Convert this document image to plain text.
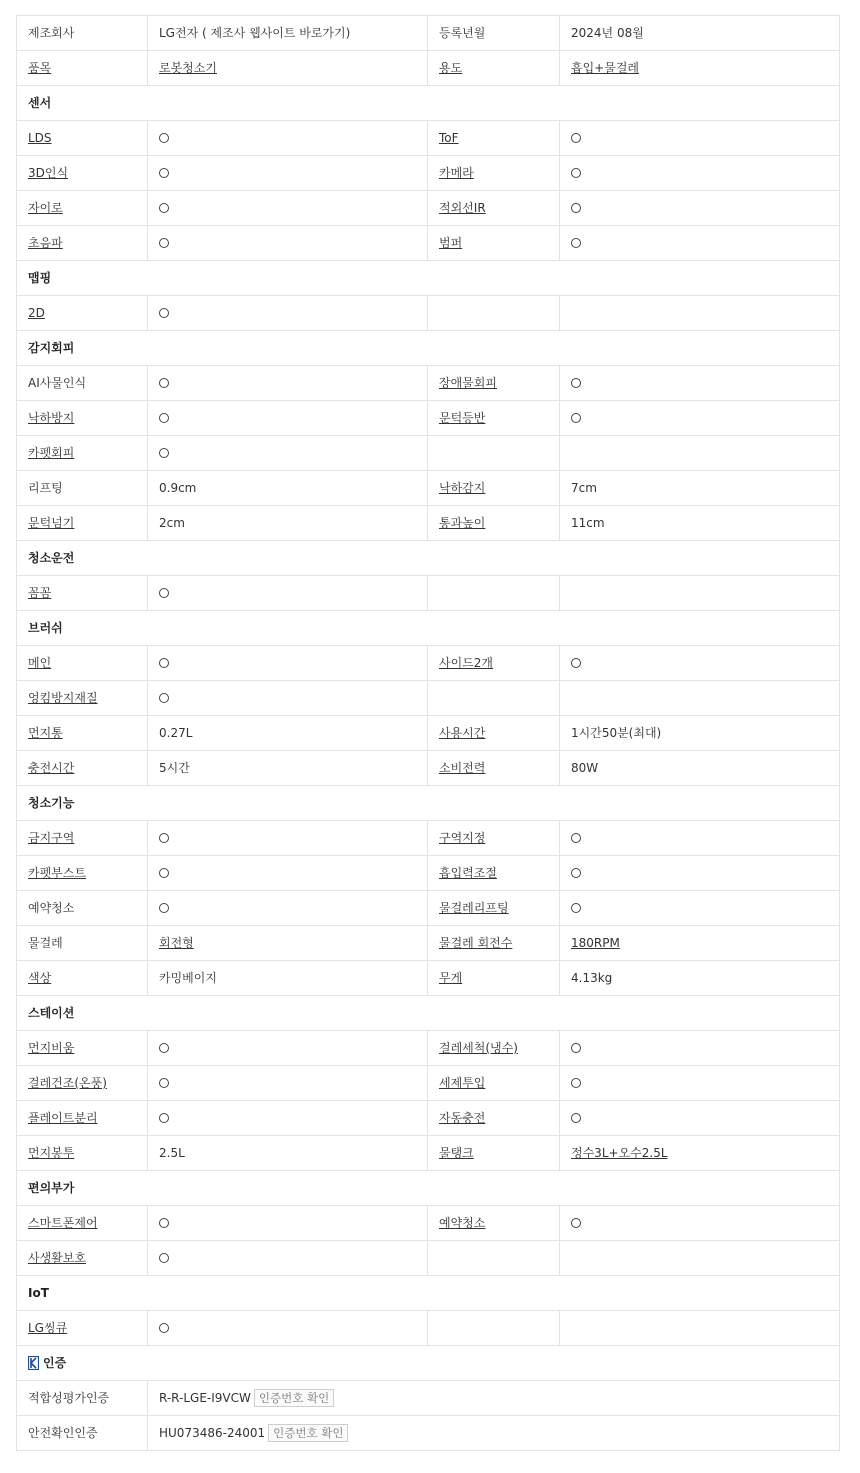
제조회사	LG전자 ( 제조사 웹사이트 바로가기)	등록년월	2024년 08월
품목	로봇청소기	용도	흡입+물걸레
센서			
LDS		ToF	
3D인식		카메라	
자이로		적외선IR	
초음파		범퍼	
맵핑			
2D			
감지회피			
AI사물인식		장애물회피	
낙하방지		문턱등반	
카펫회피			
리프팅	0.9cm	낙하감지	7cm
문턱넘기	2cm	통과높이	11cm
청소운전			
꼼꼼			
브러쉬			
메인		사이드2개	
엉킴방지재질			
먼지통	0.27L	사용시간	1시간50분(최대)
충전시간	5시간	소비전력	80W
청소기능			
금지구역		구역지정	
카펫부스트		흡입력조절	
예약청소		물걸레리프팅	
물걸레	회전형	물걸레 회전수	180RPM
색상	카밍베이지	무게	4.13kg
스테이션			
먼지비움		걸레세척(냉수)	
걸레건조(온풍)		세제투입	
플레이트분리		자동충전	
먼지봉투	2.5L	물탱크	정수3L+오수2.5L
편의부가			
스마트폰제어		예약청소	
사생활보호			
IoT			
LG씽큐			
인증			
적합성평가인증	R-R-LGE-I9VCW 인증번호 확인		
안전확인인증	HU073486-24001 인증번호 확인		
